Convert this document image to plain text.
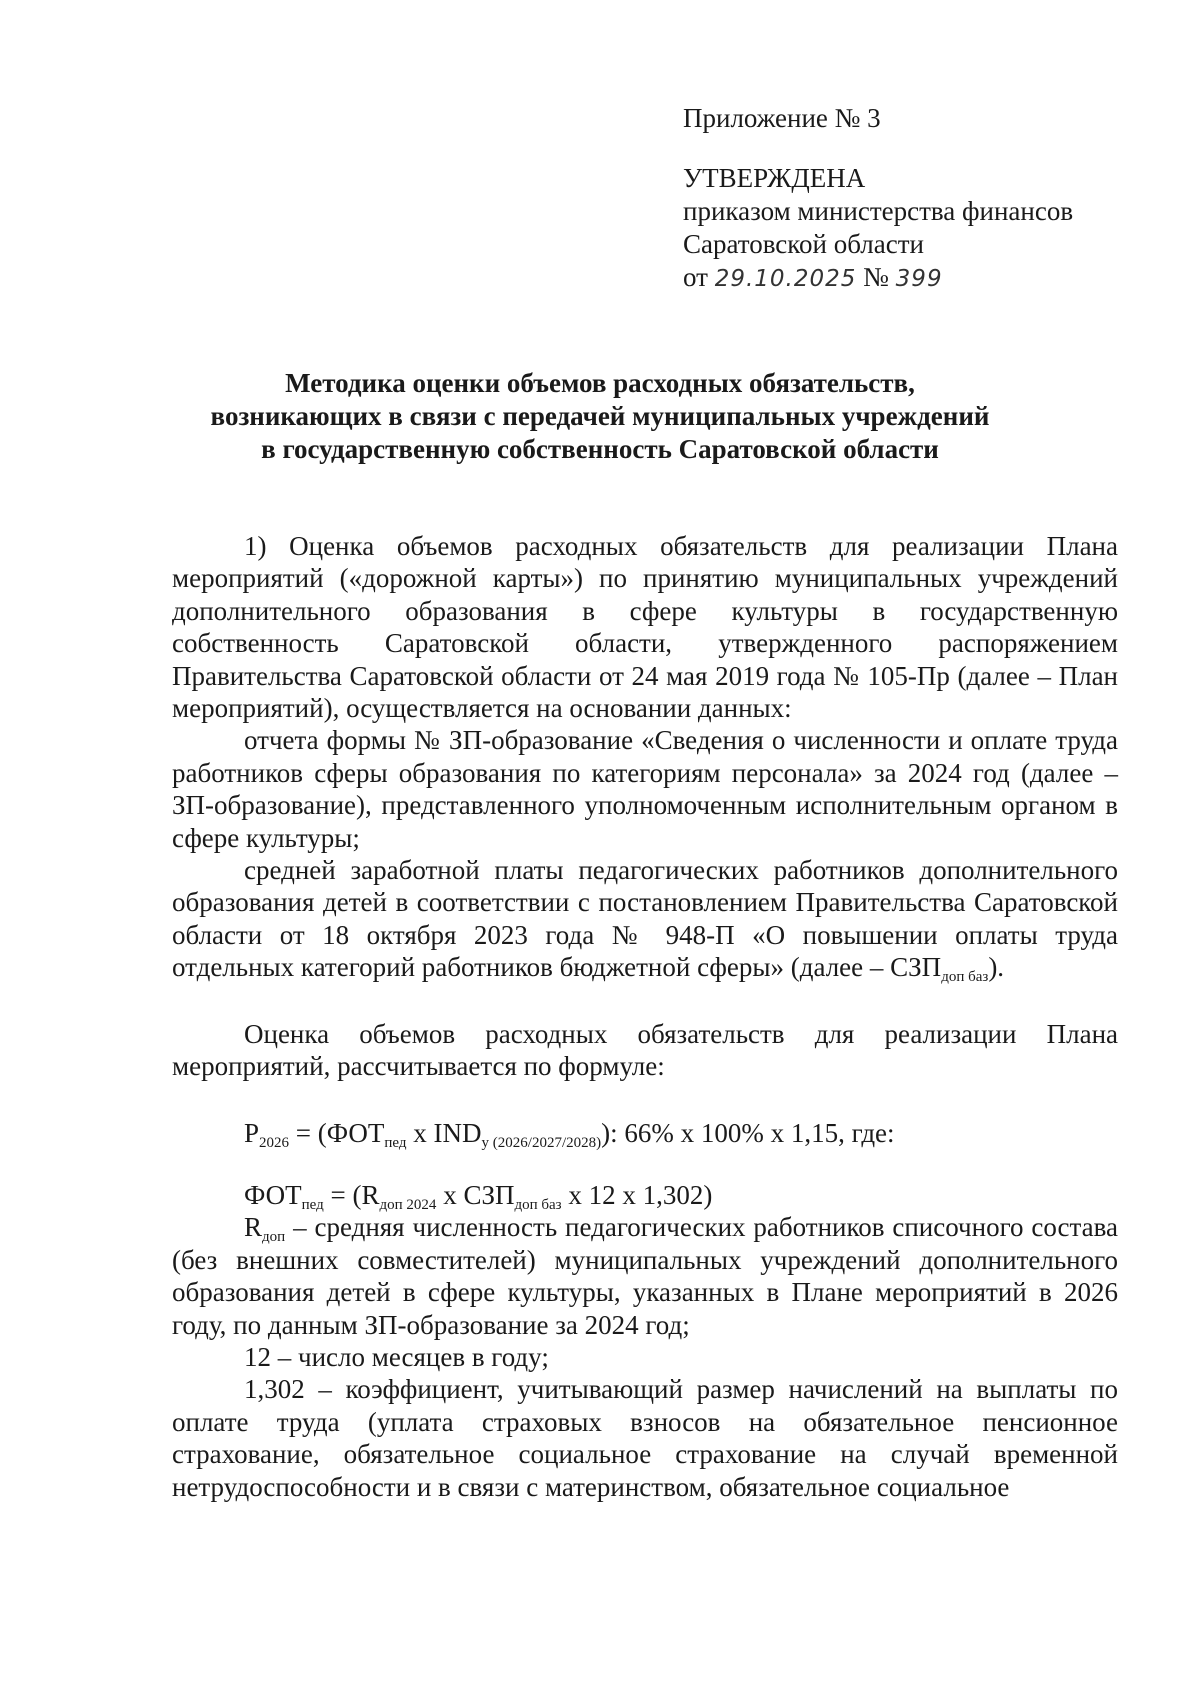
Приложение № 3
УТВЕРЖДЕНА
приказом министерства финансов
Саратовской области
от 29.10.2025 № 399
Методика оценки объемов расходных обязательств,
возникающих в связи с передачей муниципальных учреждений
в государственную собственность Саратовской области

1) Оценка объемов расходных обязательств для реализации Плана мероприятий («дорожной карты») по принятию муниципальных учреждений дополнительного образования в сфере культуры в государственную собственность Саратовской области, утвержденного распоряжением Правительства Саратовской области от 24 мая 2019 года № 105-Пр (далее – План мероприятий), осуществляется на основании данных:

отчета формы № ЗП-образование «Сведения о численности и оплате труда работников сферы образования по категориям персонала» за 2024 год (далее – ЗП-образование), представленного уполномоченным исполнительным органом в сфере культуры;

средней заработной платы педагогических работников дополнительного образования детей в соответствии с постановлением Правительства Саратовской области от 18 октября 2023 года № 948-П «О повышении оплаты труда отдельных категорий работников бюджетной сферы» (далее – $СЗП_{доп баз}$).

Оценка объемов расходных обязательств для реализации Плана мероприятий, рассчитывается по формуле:

$P_{2026} = (ФОТ_{пед}$ x $IND_{у (2026/2027/2028)}$): 66% x 100% x 1,15, где:

$ФОТ_{пед} = (R_{доп 2024}$ x $СЗП_{доп баз}$ x 12 x 1,302)

$R_{доп}$ – средняя численность педагогических работников списочного состава (без внешних совместителей) муниципальных учреждений дополнительного образования детей в сфере культуры, указанных в Плане мероприятий в 2026 году, по данным ЗП-образование за 2024 год;

12 – число месяцев в году;

1,302 – коэффициент, учитывающий размер начислений на выплаты по оплате труда (уплата страховых взносов на обязательное пенсионное страхование, обязательное социальное страхование на случай временной нетрудоспособности и в связи с материнством, обязательное социальное
